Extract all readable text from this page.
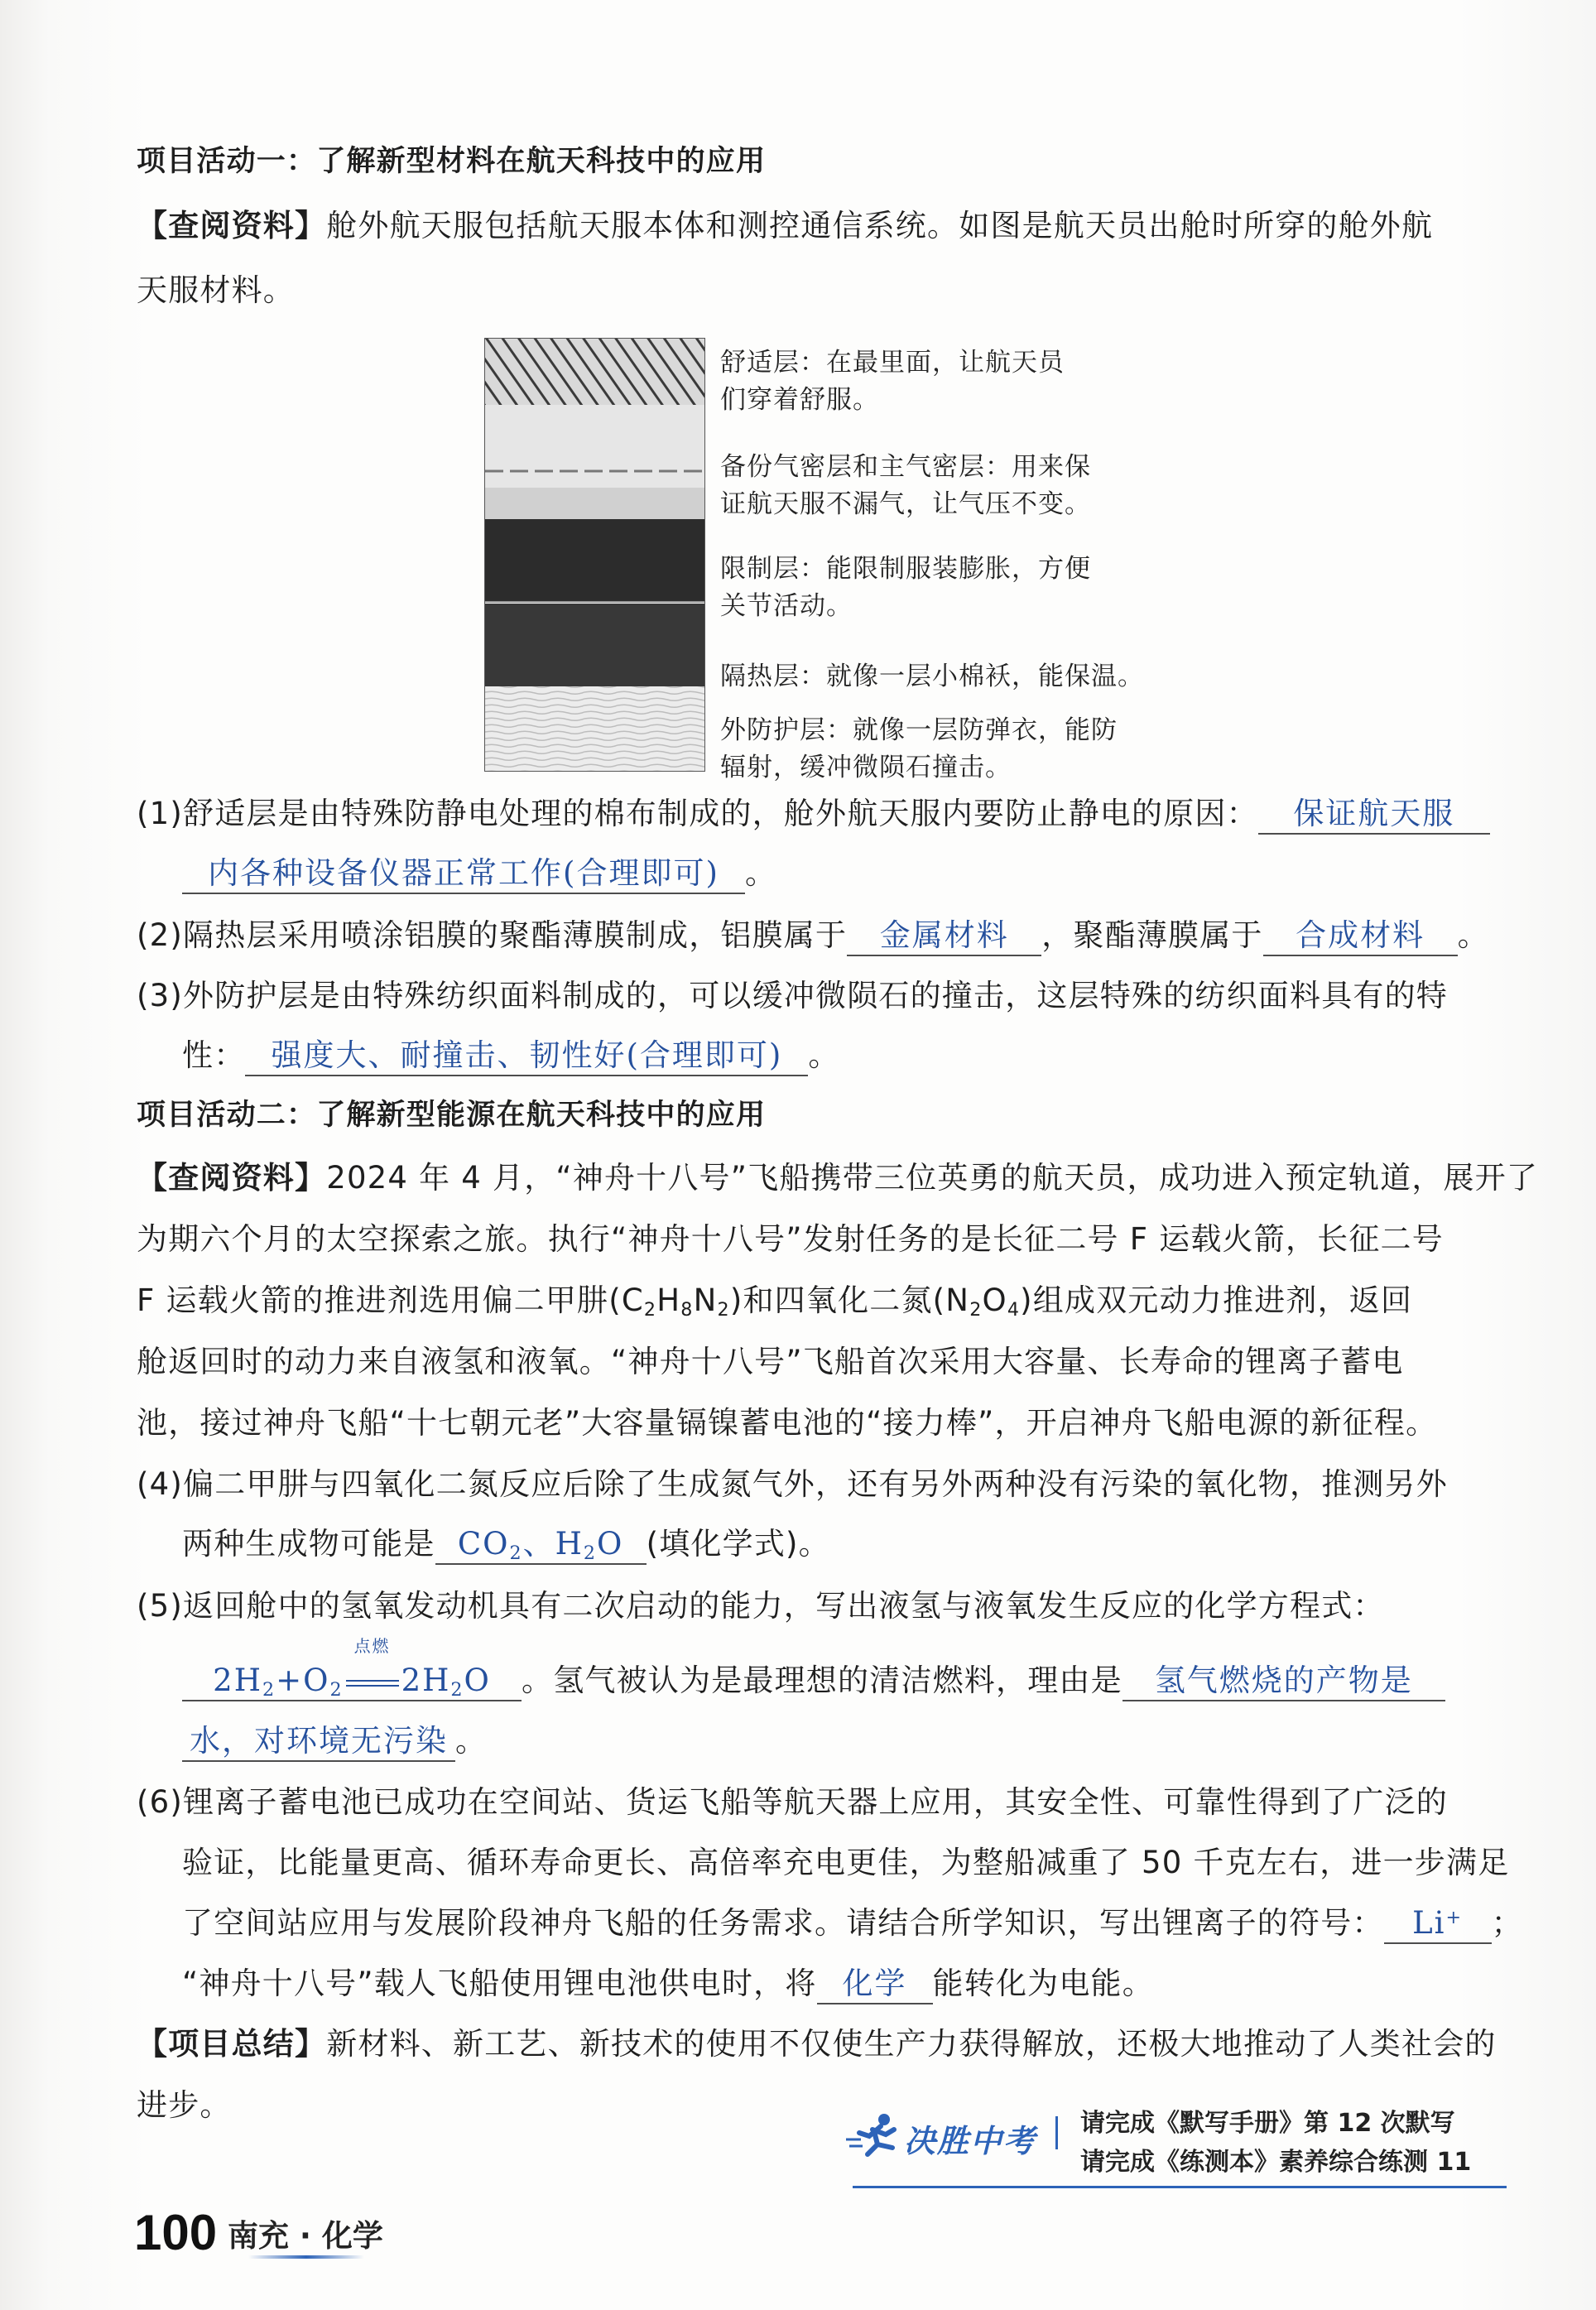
项目活动一：了解新型材料在航天科技中的应用
【查阅资料】舱外航天服包括航天服本体和测控通信系统。如图是航天员出舱时所穿的舱外航
天服材料。
舒适层：在最里面，让航天员
们穿着舒服。
备份气密层和主气密层：用来保
证航天服不漏气，让气压不变。
限制层：能限制服装膨胀，方便
关节活动。
隔热层：就像一层小棉袄，能保温。
外防护层：就像一层防弹衣，能防
辐射，缓冲微陨石撞击。
(1)舒适层是由特殊防静电处理的棉布制成的，舱外航天服内要防止静电的原因： 保证航天服
内各种设备仪器正常工作(合理即可) 。
(2)隔热层采用喷涂铝膜的聚酯薄膜制成，铝膜属于 金属材料 ，聚酯薄膜属于 合成材料 。
(3)外防护层是由特殊纺织面料制成的，可以缓冲微陨石的撞击，这层特殊的纺织面料具有的特
性： 强度大、耐撞击、韧性好(合理即可) 。
项目活动二：了解新型能源在航天科技中的应用
【查阅资料】2024 年 4 月，“神舟十八号”飞船携带三位英勇的航天员，成功进入预定轨道，展开了
为期六个月的太空探索之旅。执行“神舟十八号”发射任务的是长征二号 F 运载火箭，长征二号
F 运载火箭的推进剂选用偏二甲肼$(C_2H_8N_2)$和四氧化二氮$(N_2O_4)$组成双元动力推进剂，返回
舱返回时的动力来自液氢和液氧。“神舟十八号”飞船首次采用大容量、长寿命的锂离子蓄电
池，接过神舟飞船“十七朝元老”大容量镉镍蓄电池的“接力棒”，开启神舟飞船电源的新征程。
(4)偏二甲肼与四氧化二氮反应后除了生成氮气外，还有另外两种没有污染的氧化物，推测另外
两种生成物可能是 $CO_2$、$H_2O$ (填化学式)。
(5)返回舱中的氢氧发动机具有二次启动的能力，写出液氢与液氧发生反应的化学方程式：
$2H_2+O_2$
点燃
$2H_2O$ 。氢气被认为是最理想的清洁燃料，理由是 氢气燃烧的产物是
水，对环境无污染 。
(6)锂离子蓄电池已成功在空间站、货运飞船等航天器上应用，其安全性、可靠性得到了广泛的
验证，比能量更高、循环寿命更长、高倍率充电更佳，为整船减重了 50 千克左右，进一步满足
了空间站应用与发展阶段神舟飞船的任务需求。请结合所学知识，写出锂离子的符号： Li+ ；
“神舟十八号”载人飞船使用锂电池供电时，将 化学 能转化为电能。
【项目总结】新材料、新工艺、新技术的使用不仅使生产力获得解放，还极大地推动了人类社会的
进步。
请完成《默写手册》第 12 次默写
请完成《练测本》素养综合练测 11
决胜中考
100 南充 · 化学
